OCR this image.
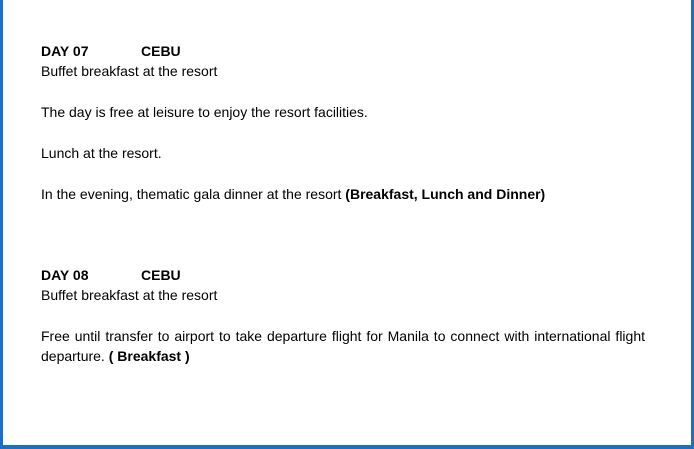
DAY 07	CEBU

Buffet breakfast at the resort

The day is free at leisure to enjoy the resort facilities.

Lunch at the resort.

In the evening, thematic gala dinner at the resort (Breakfast, Lunch and Dinner)

DAY 08	CEBU

Buffet breakfast at the resort

Free until transfer to airport to take departure flight for Manila to connect with international flight departure. ( Breakfast )
